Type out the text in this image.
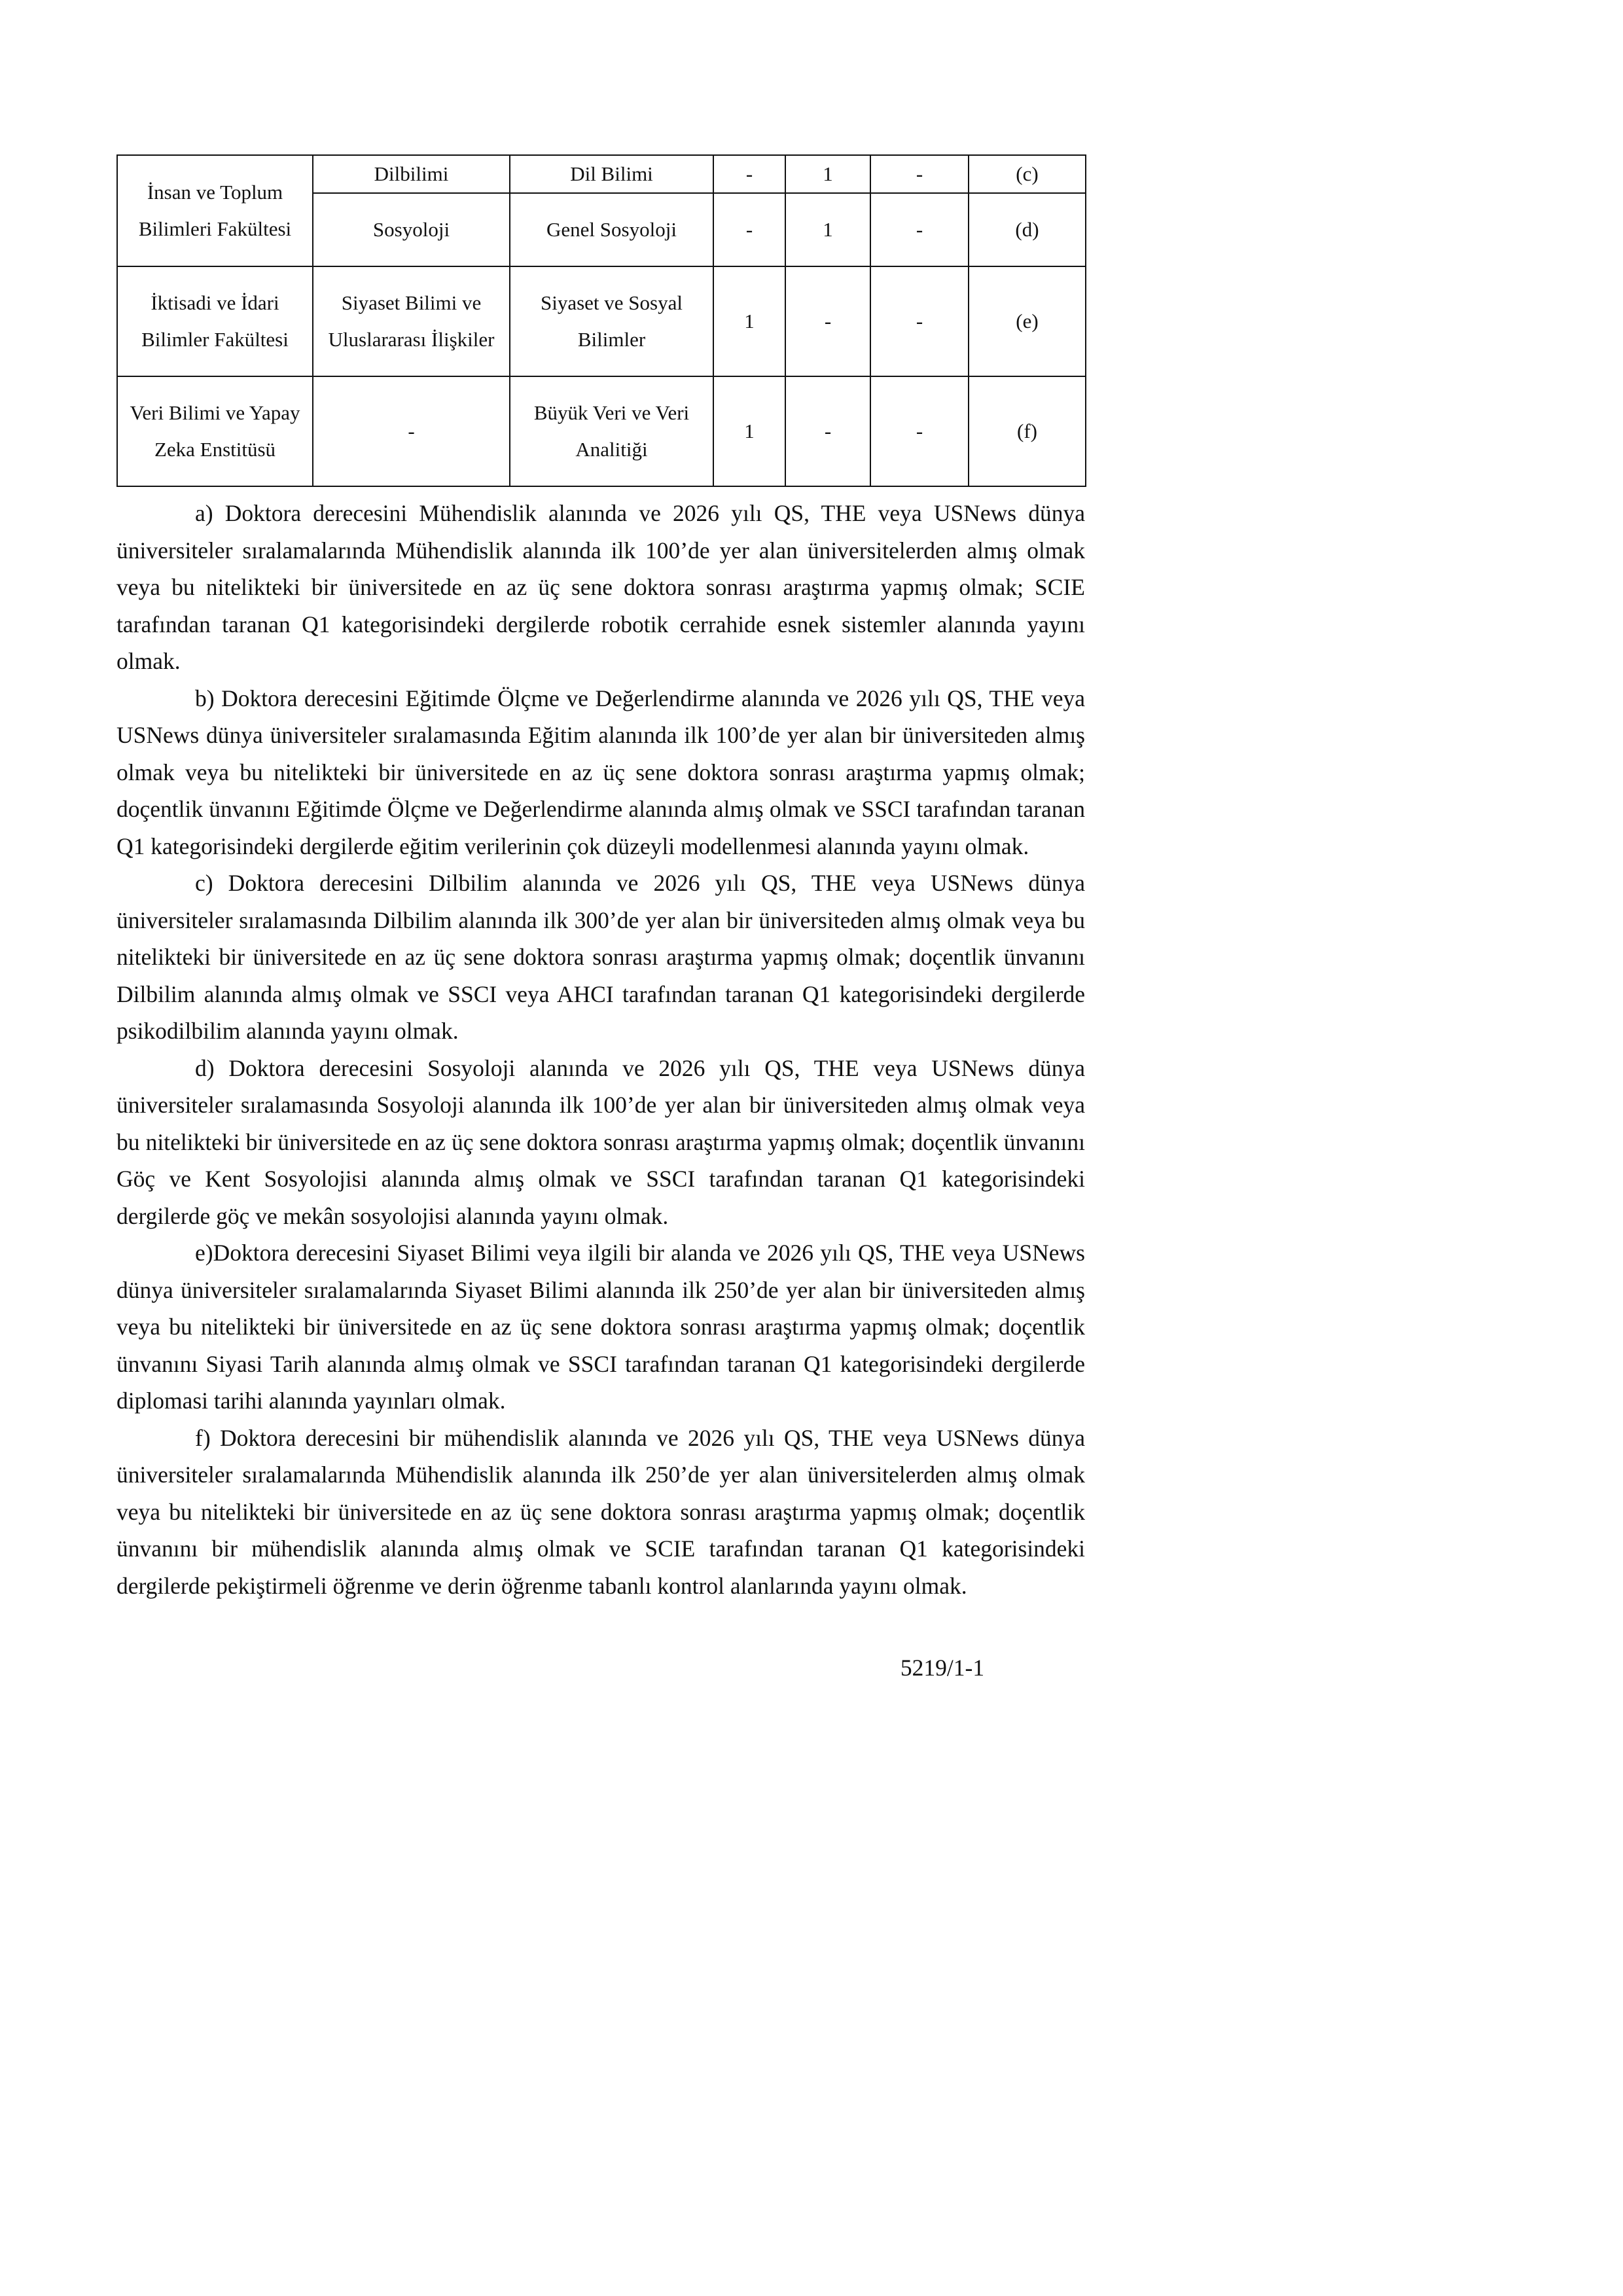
İnsan ve Toplum Bilimleri Fakültesi	Dilbilimi	Dil Bilimi	-	1	-	(c)
	Sosyoloji	Genel Sosyoloji	-	1	-	(d)
İktisadi ve İdari Bilimler Fakültesi	Siyaset Bilimi ve Uluslararası İlişkiler	Siyaset ve Sosyal Bilimler	1	-	-	(e)
Veri Bilimi ve Yapay Zeka Enstitüsü	-	Büyük Veri ve Veri Analitiği	1	-	-	(f)

a) Doktora derecesini Mühendislik alanında ve 2026 yılı QS, THE veya USNews dünya üniversiteler sıralamalarında Mühendislik alanında ilk 100’de yer alan üniversitelerden almış olmak veya bu nitelikteki bir üniversitede en az üç sene doktora sonrası araştırma yapmış olmak; SCIE tarafından taranan Q1 kategorisindeki dergilerde robotik cerrahide esnek sistemler alanında yayını olmak.

b) Doktora derecesini Eğitimde Ölçme ve Değerlendirme alanında ve 2026 yılı QS, THE veya USNews dünya üniversiteler sıralamasında Eğitim alanında ilk 100’de yer alan bir üniversiteden almış olmak veya bu nitelikteki bir üniversitede en az üç sene doktora sonrası araştırma yapmış olmak; doçentlik ünvanını Eğitimde Ölçme ve Değerlendirme alanında almış olmak ve SSCI tarafından taranan Q1 kategorisindeki dergilerde eğitim verilerinin çok düzeyli modellenmesi alanında yayını olmak.

c) Doktora derecesini Dilbilim alanında ve 2026 yılı QS, THE veya USNews dünya üniversiteler sıralamasında Dilbilim alanında ilk 300’de yer alan bir üniversiteden almış olmak veya bu nitelikteki bir üniversitede en az üç sene doktora sonrası araştırma yapmış olmak; doçentlik ünvanını Dilbilim alanında almış olmak ve SSCI veya AHCI tarafından taranan Q1 kategorisindeki dergilerde psikodilbilim alanında yayını olmak.

d) Doktora derecesini Sosyoloji alanında ve 2026 yılı QS, THE veya USNews dünya üniversiteler sıralamasında Sosyoloji alanında ilk 100’de yer alan bir üniversiteden almış olmak veya bu nitelikteki bir üniversitede en az üç sene doktora sonrası araştırma yapmış olmak; doçentlik ünvanını Göç ve Kent Sosyolojisi alanında almış olmak ve SSCI tarafından taranan Q1 kategorisindeki dergilerde göç ve mekân sosyolojisi alanında yayını olmak.

e)Doktora derecesini Siyaset Bilimi veya ilgili bir alanda ve 2026 yılı QS, THE veya USNews dünya üniversiteler sıralamalarında Siyaset Bilimi alanında ilk 250’de yer alan bir üniversiteden almış veya bu nitelikteki bir üniversitede en az üç sene doktora sonrası araştırma yapmış olmak; doçentlik ünvanını Siyasi Tarih alanında almış olmak ve SSCI tarafından taranan Q1 kategorisindeki dergilerde diplomasi tarihi alanında yayınları olmak.

f) Doktora derecesini bir mühendislik alanında ve 2026 yılı QS, THE veya USNews dünya üniversiteler sıralamalarında Mühendislik alanında ilk 250’de yer alan üniversitelerden almış olmak veya bu nitelikteki bir üniversitede en az üç sene doktora sonrası araştırma yapmış olmak; doçentlik ünvanını bir mühendislik alanında almış olmak ve SCIE tarafından taranan Q1 kategorisindeki dergilerde pekiştirmeli öğrenme ve derin öğrenme tabanlı kontrol alanlarında yayını olmak.

5219/1-1
